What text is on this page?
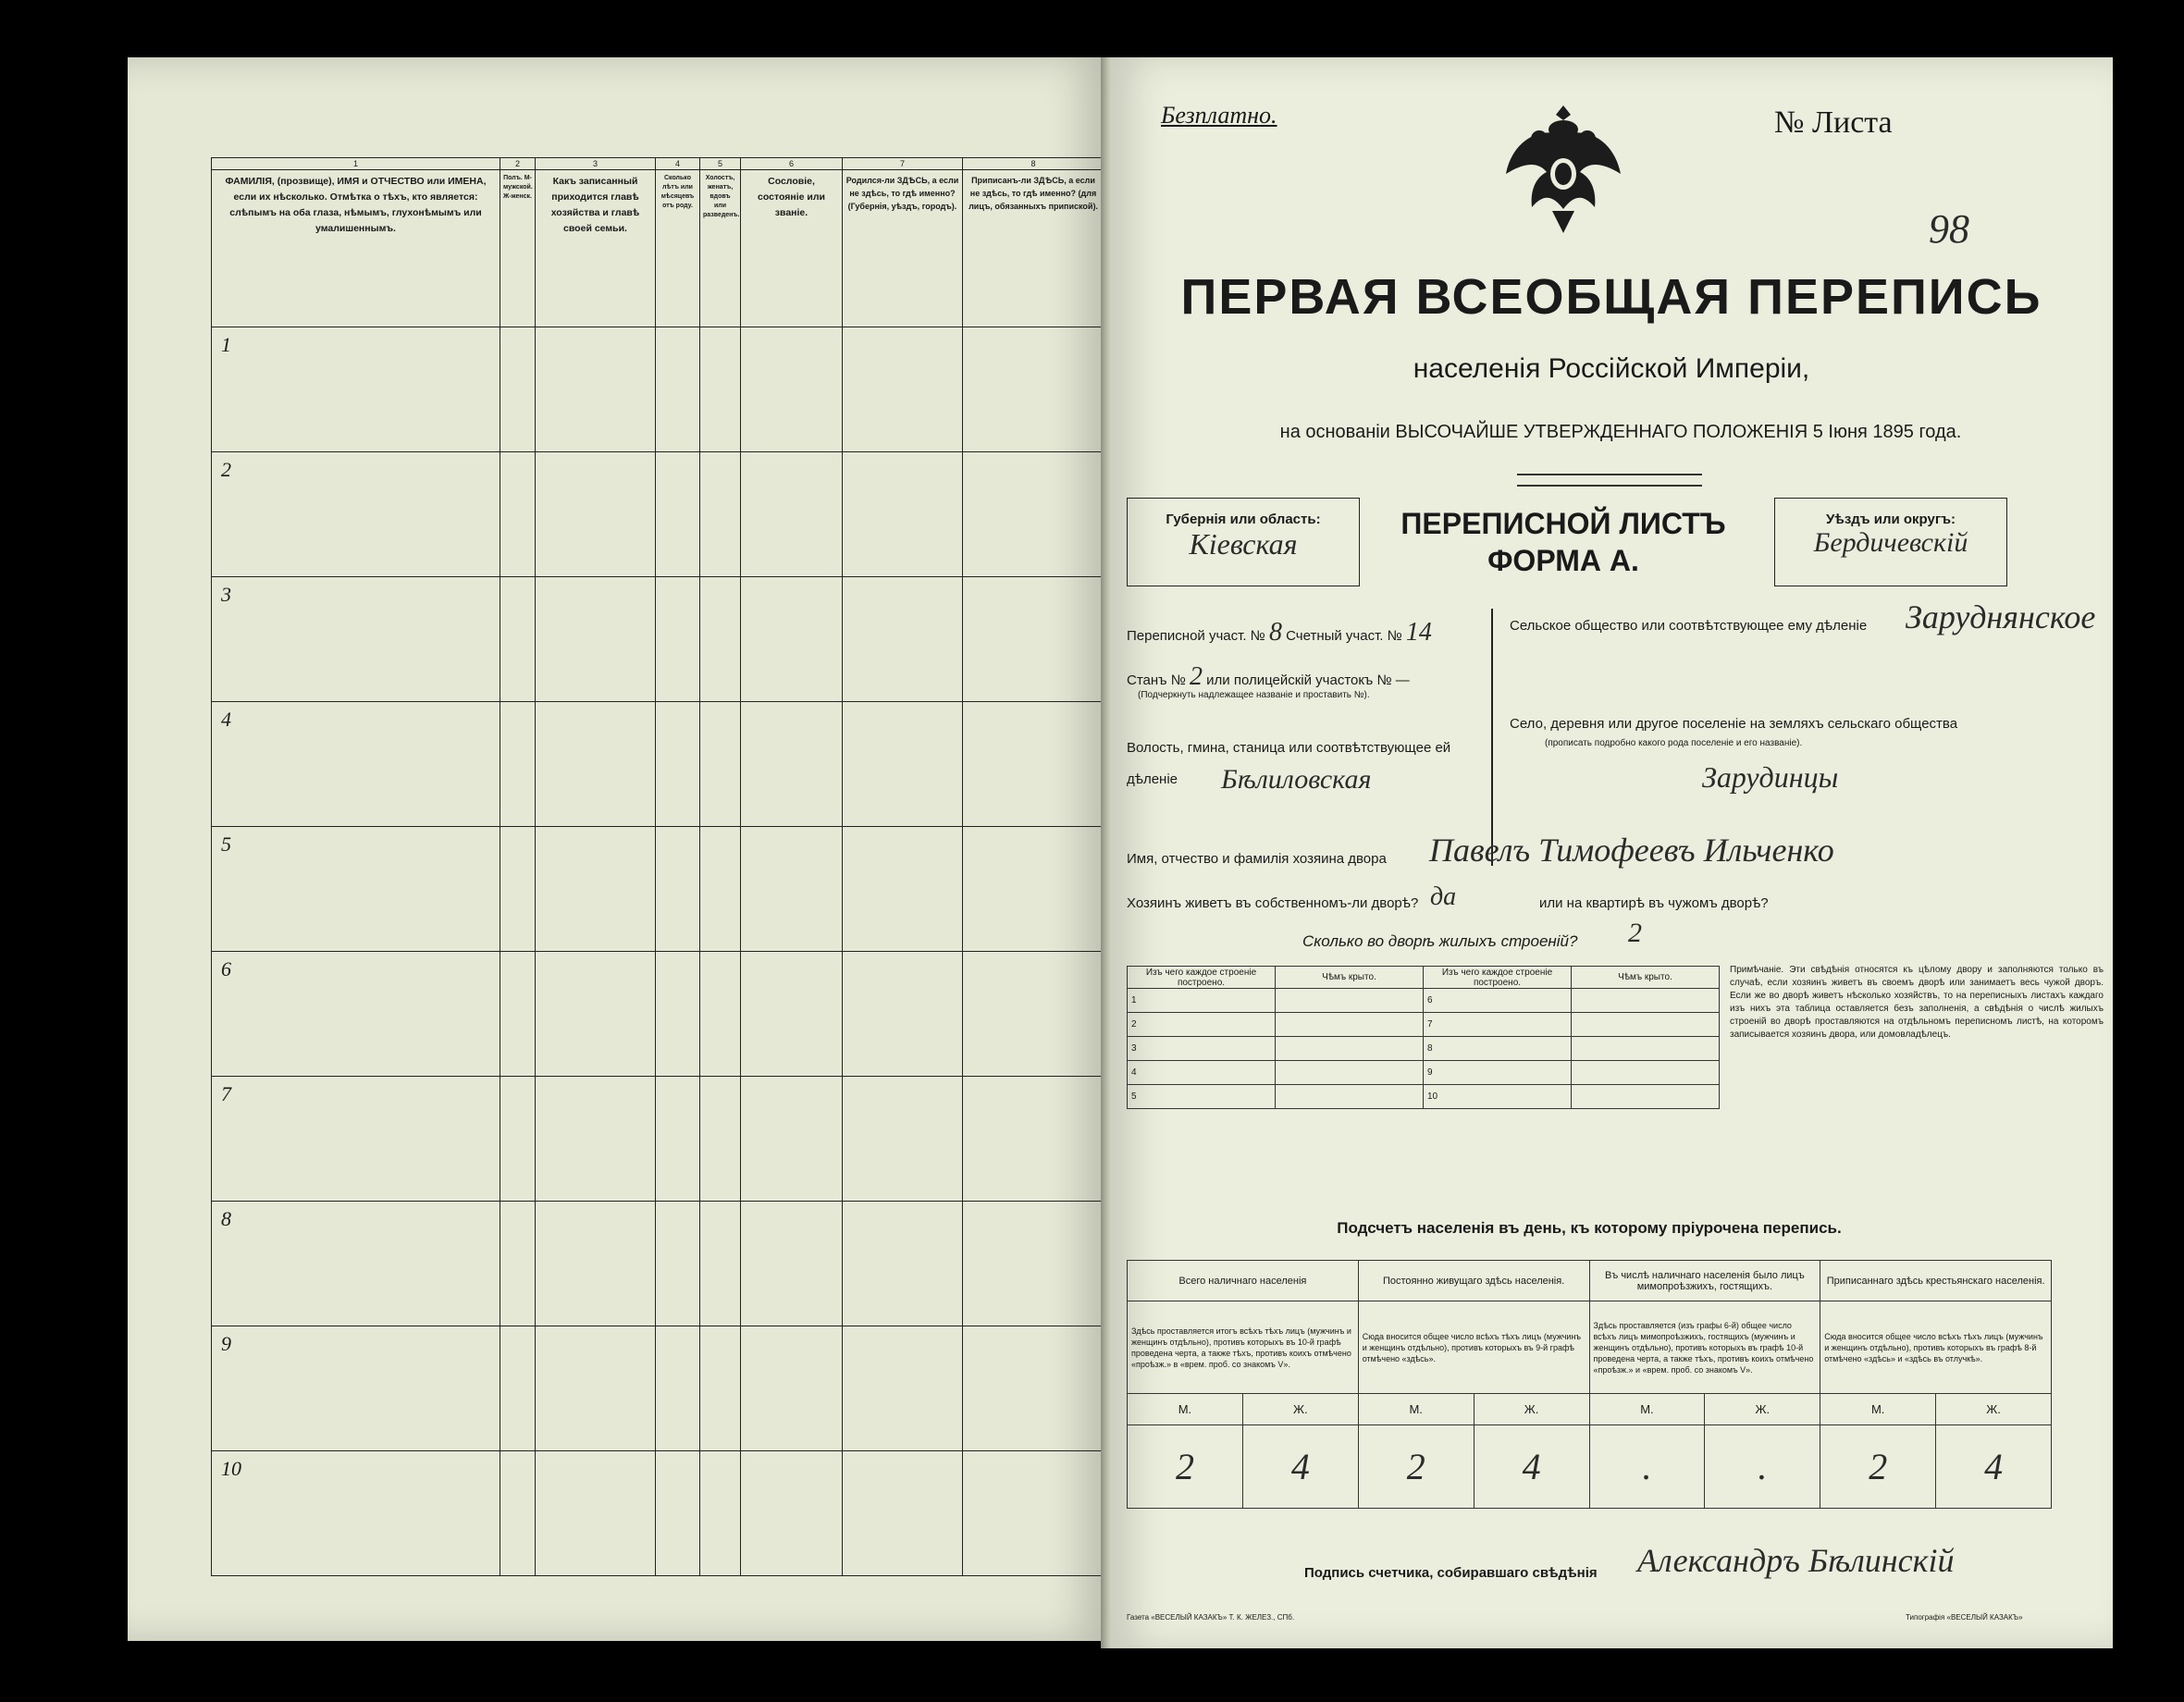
1	2	3	4	5	6	7	8
ФАМИЛІЯ, (прозвище), ИМЯ и ОТЧЕСТВО или ИМЕНА, если их нѣсколько. Отмѣтка о тѣхъ, кто является: слѣпымъ на оба глаза, нѣмымъ, глухонѣмымъ или умалишеннымъ.	Полъ. М-мужской. Ж-женск.	Какъ записанный приходится главѣ хозяйства и главѣ своей семьи.	Сколько лѣтъ или мѣсяцевъ отъ роду.	Холостъ, женатъ, вдовъ или разведенъ.	Сословіе, состояніе или званіе.	Родился-ли ЗДѢСЬ, а если не здѣсь, то гдѣ именно? (Губернія, уѣздъ, городъ).	Приписанъ-ли ЗДѢСЬ, а если не здѣсь, то гдѣ именно? (для лицъ, обязанныхъ припиской).
1							
2							
3							
4							
5							
6							
7							
8							
9							
10							
Безплатно.	№ Листа
98
ПЕРВАЯ ВСЕОБЩАЯ ПЕРЕПИСЬ
населенія Россійской Имперіи,
на основаніи ВЫСОЧАЙШЕ УТВЕРЖДЕННАГО ПОЛОЖЕНІЯ 5 Іюня 1895 года.
Губернія или область:
Кіевская
ПЕРЕПИСНОЙ ЛИСТЪ
ФОРМА А.
Уѣздъ или округъ:
Бердичевскій
Переписной участ. № 8 Счетный участ. № 14
Станъ № 2 или полицейскій участокъ № —
(Подчеркнуть надлежащее названіе и проставить №).
Волость, гмина, станица или соотвѣтствующее ей дѣленіе	Бѣлиловская
Сельское общество или соотвѣтствующее ему дѣленіе Заруднянское
Село, деревня или другое поселеніе на земляхъ сельскаго общества
(прописать подробно какого рода поселеніе и его названіе).
Зарудинцы
Имя, отчество и фамилія хозяина двора Павелъ Тимофеевъ Ильченко
Хозяинъ живетъ въ собственномъ-ли дворѣ? да	или на квартирѣ въ чужомъ дворѣ?
Сколько во дворѣ жилыхъ строеній? 2
Изъ чего каждое строеніе построено.	Чѣмъ крыто.	Изъ чего каждое строеніе построено.	Чѣмъ крыто.
1		6	
2		7	
3		8	
4		9	
5		10	
Примѣчаніе. Эти свѣдѣнія относятся къ цѣлому двору и заполняются только въ случаѣ, если хозяинъ живетъ въ своемъ дворѣ или занимаетъ весь чужой дворъ. Если же во дворѣ живетъ нѣсколько хозяйствъ, то на переписныхъ листахъ каждаго изъ нихъ эта таблица оставляется безъ заполненія, а свѣдѣнія о числѣ жилыхъ строеній во дворѣ проставляются на отдѣльномъ переписномъ листѣ, на которомъ записывается хозяинъ двора, или домовладѣлецъ.
Подсчетъ населенія въ день, къ которому пріурочена перепись.
Всего наличнаго населенія		Постоянно живущаго здѣсь населенія.		Въ числѣ наличнаго населенія было лицъ мимопроѣзжихъ, гостящихъ.		Приписаннаго здѣсь крестьянскаго населенія.	
Здѣсь проставляется итогъ всѣхъ тѣхъ лицъ (мужчинъ и женщинъ отдѣльно), противъ которыхъ въ 10-й графѣ проведена черта, а также тѣхъ, противъ коихъ отмѣчено «проѣзж.» в «врем. проб. со знакомъ V».		Сюда вносится общее число всѣхъ тѣхъ лицъ (мужчинъ и женщинъ отдѣльно), противъ которыхъ въ 9-й графѣ отмѣчено «здѣсь».		Здѣсь проставляется (изъ графы 6-й) общее число всѣхъ лицъ мимопроѣзжихъ, гостящихъ (мужчинъ и женщинъ отдѣльно), противъ которыхъ въ графѣ 10-й проведена черта, а также тѣхъ, противъ коихъ отмѣчено «проѣзж.» и «врем. проб. со знакомъ V».		Сюда вносится общее число всѣхъ тѣхъ лицъ (мужчинъ и женщинъ отдѣльно), противъ которыхъ въ графѣ 8-й отмѣчено «здѣсь» и «здѣсь въ отлучкѣ».	
М.	Ж.	М.	Ж.	М.	Ж.	М.	Ж.
2	4	2	4	.	.	2	4
Подпись счетчика, собиравшаго свѣдѣнія Александръ Бѣлинскій
Газета «ВЕСЕЛЫЙ КАЗАКЪ» Т. К. ЖЕЛЕЗ., СПб.	Типографія «ВЕСЕЛЫЙ КАЗАКЪ»
